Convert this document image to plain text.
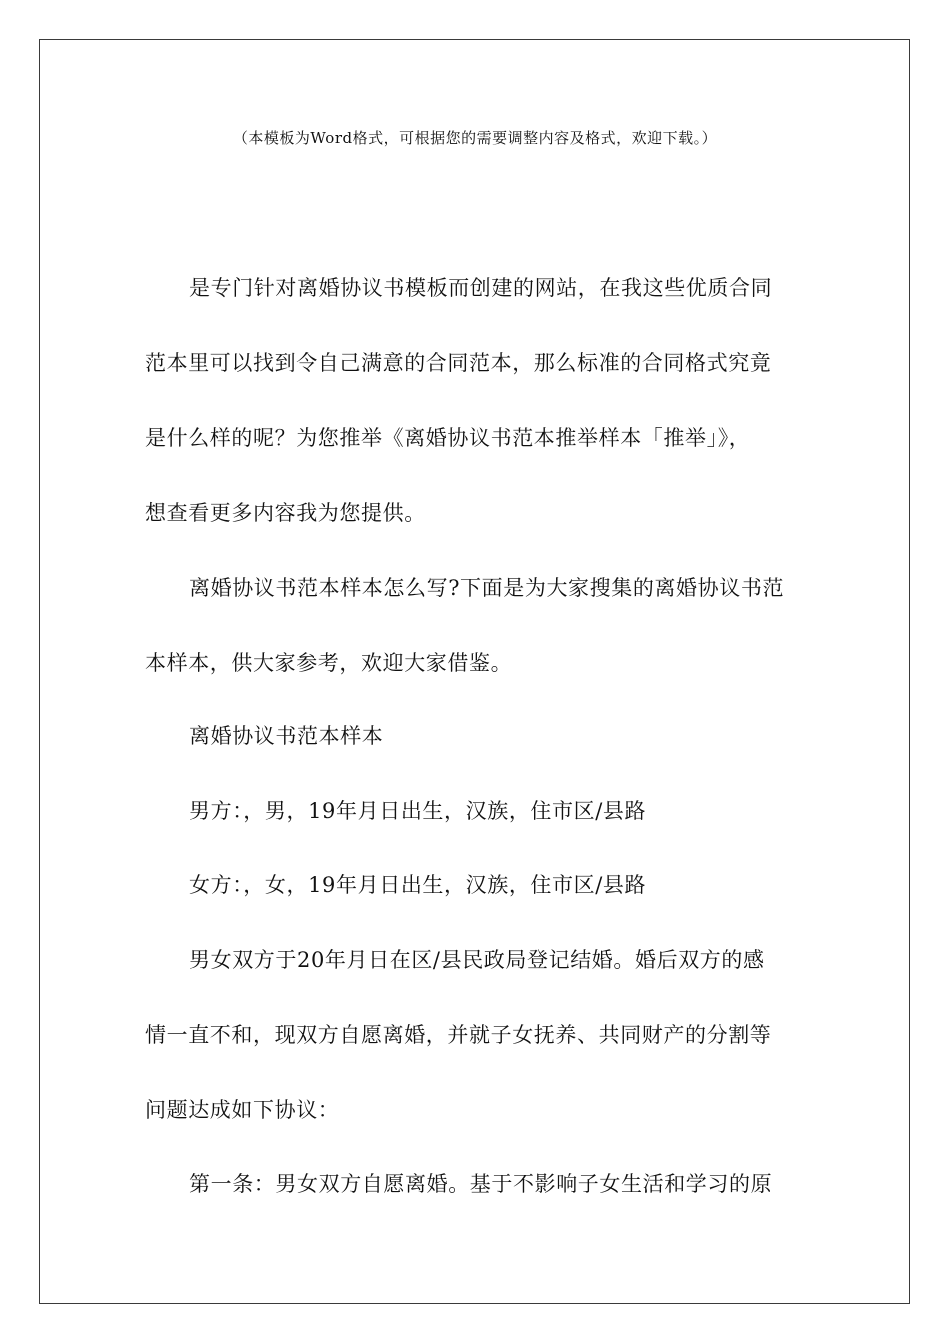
（本模板为Word格式，可根据您的需要调整内容及格式，欢迎下载。）
是专门针对离婚协议书模板而创建的网站，在我这些优质合同
范本里可以找到令自己满意的合同范本，那么标准的合同格式究竟
是什么样的呢？为您推举《离婚协议书范本推举样本「推举」》，
想查看更多内容我为您提供。
离婚协议书范本样本怎么写?下面是为大家搜集的离婚协议书范
本样本，供大家参考，欢迎大家借鉴。
离婚协议书范本样本
男方：，男，19年月日出生，汉族，住市区/县路
女方：，女，19年月日出生，汉族，住市区/县路
男女双方于20年月日在区/县民政局登记结婚。婚后双方的感
情一直不和，现双方自愿离婚，并就子女抚养、共同财产的分割等
问题达成如下协议：
第一条：男女双方自愿离婚。基于不影响子女生活和学习的原
